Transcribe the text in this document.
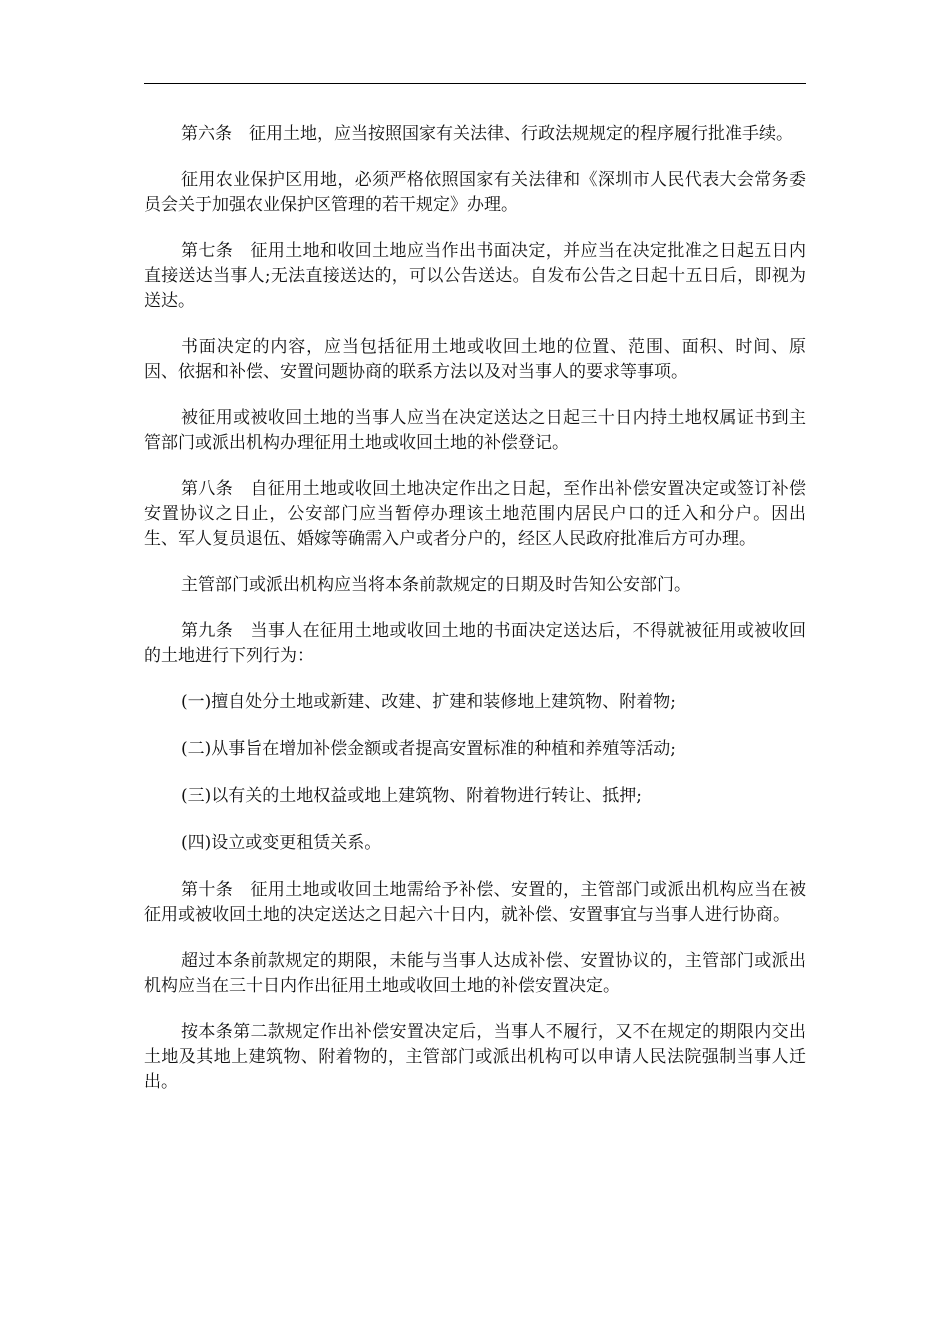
第六条　征用土地，应当按照国家有关法律、行政法规规定的程序履行批准手续。

征用农业保护区用地，必须严格依照国家有关法律和《深圳市人民代表大会常务委员会关于加强农业保护区管理的若干规定》办理。

第七条　征用土地和收回土地应当作出书面决定，并应当在决定批准之日起五日内直接送达当事人;无法直接送达的，可以公告送达。自发布公告之日起十五日后，即视为送达。

书面决定的内容，应当包括征用土地或收回土地的位置、范围、面积、时间、原因、依据和补偿、安置问题协商的联系方法以及对当事人的要求等事项。

被征用或被收回土地的当事人应当在决定送达之日起三十日内持土地权属证书到主管部门或派出机构办理征用土地或收回土地的补偿登记。

第八条　自征用土地或收回土地决定作出之日起，至作出补偿安置决定或签订补偿安置协议之日止，公安部门应当暂停办理该土地范围内居民户口的迁入和分户。因出生、军人复员退伍、婚嫁等确需入户或者分户的，经区人民政府批准后方可办理。

主管部门或派出机构应当将本条前款规定的日期及时告知公安部门。

第九条　当事人在征用土地或收回土地的书面决定送达后，不得就被征用或被收回的土地进行下列行为：

(一)擅自处分土地或新建、改建、扩建和装修地上建筑物、附着物;

(二)从事旨在增加补偿金额或者提高安置标准的种植和养殖等活动;

(三)以有关的土地权益或地上建筑物、附着物进行转让、抵押;

(四)设立或变更租赁关系。

第十条　征用土地或收回土地需给予补偿、安置的，主管部门或派出机构应当在被征用或被收回土地的决定送达之日起六十日内，就补偿、安置事宜与当事人进行协商。

超过本条前款规定的期限，未能与当事人达成补偿、安置协议的，主管部门或派出机构应当在三十日内作出征用土地或收回土地的补偿安置决定。

按本条第二款规定作出补偿安置决定后，当事人不履行，又不在规定的期限内交出土地及其地上建筑物、附着物的，主管部门或派出机构可以申请人民法院强制当事人迁出。
